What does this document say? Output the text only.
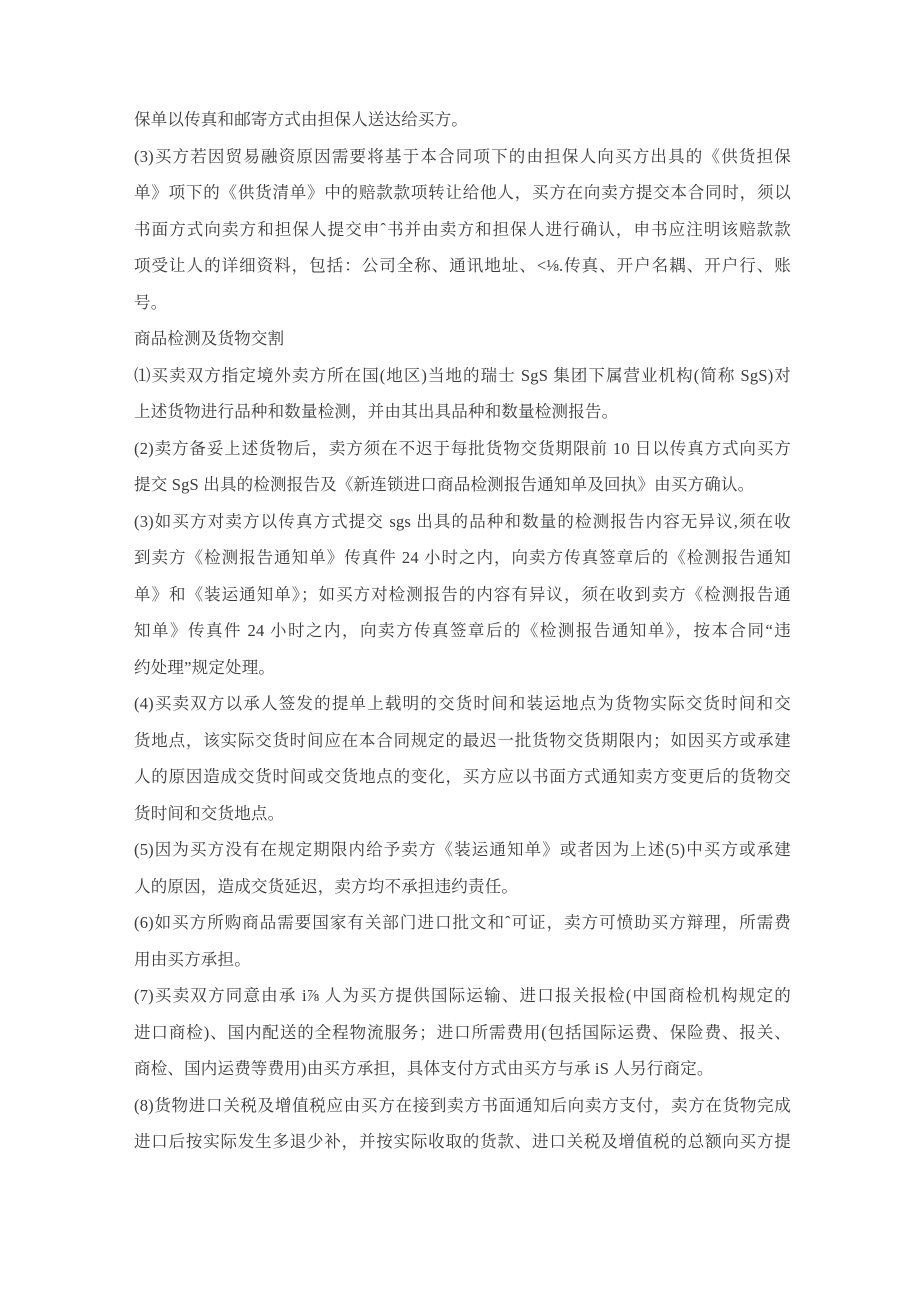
保单以传真和邮寄方式由担保人送达给买方。
(3)买方若因贸易融资原因需要将基于本合同项下的由担保人向买方出具的《供货担保
单》项下的《供货清单》中的赔款款项转让给他人，买方在向卖方提交本合同时，须以
书面方式向卖方和担保人提交申ˆ书并由卖方和担保人进行确认，申书应注明该赔款款
项受让人的详细资料，包括：公司全称、通讯地址、<⅛.传真、开户名耦、开户行、账
号。
商品检测及货物交割
⑴买卖双方指定境外卖方所在国(地区)当地的瑞士 SgS 集团下属营业机构(简称 SgS)对
上述货物进行品种和数量检测，并由其出具品种和数量检测报告。
(2)卖方备妥上述货物后，卖方须在不迟于每批货物交货期限前 10 日以传真方式向买方
提交 SgS 出具的检测报告及《新连锁进口商品检测报告通知单及回执》由买方确认。
(3)如买方对卖方以传真方式提交 sgs 出具的品种和数量的检测报告内容无异议,须在收
到卖方《检测报告通知单》传真件 24 小时之内，向卖方传真签章后的《检测报告通知
单》和《装运通知单》；如买方对检测报告的内容有异议，须在收到卖方《检测报告通
知单》传真件 24 小时之内，向卖方传真签章后的《检测报告通知单》，按本合同“违
约处理”规定处理。
(4)买卖双方以承人签发的提单上载明的交货时间和装运地点为货物实际交货时间和交
货地点，该实际交货时间应在本合同规定的最迟一批货物交货期限内；如因买方或承建
人的原因造成交货时间或交货地点的变化，买方应以书面方式通知卖方变更后的货物交
货时间和交货地点。
(5)因为买方没有在规定期限内给予卖方《装运通知单》或者因为上述(5)中买方或承建
人的原因，造成交货延迟，卖方均不承担违约责任。
(6)如买方所购商品需要国家有关部门进口批文和ˆ可证，卖方可愤助买方辩理，所需费
用由买方承担。
(7)买卖双方同意由承 i⅞ 人为买方提供国际运输、进口报关报检(中国商检机构规定的
进口商检)、国内配送的全程物流服务；进口所需费用(包括国际运费、保险费、报关、
商检、国内运费等费用)由买方承担，具体支付方式由买方与承 iS 人另行商定。
(8)货物进口关税及增值税应由买方在接到卖方书面通知后向卖方支付，卖方在货物完成
进口后按实际发生多退少补，并按实际收取的货款、进口关税及增值税的总额向买方提
